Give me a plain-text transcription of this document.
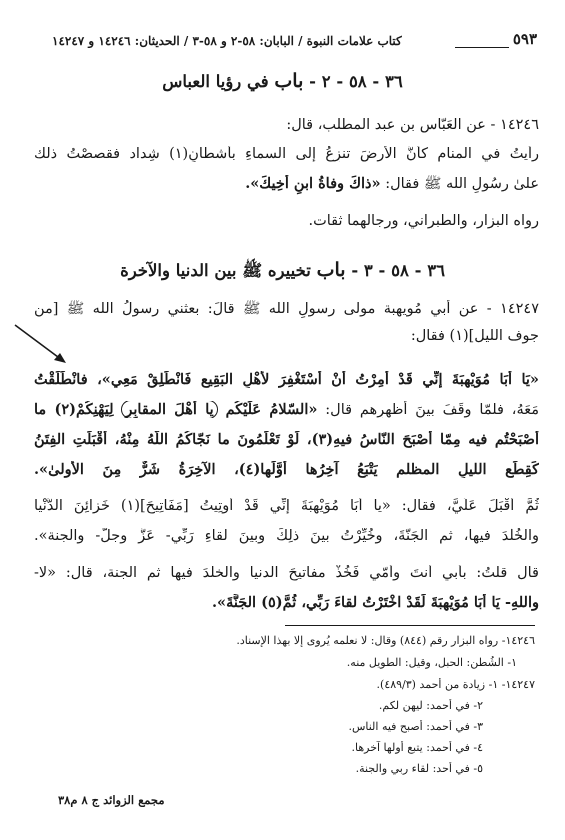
٥٩٣
كتاب علامات النبوة / البابان: ٥٨-٢ و ٥٨-٣ / الحديثان: ١٤٢٤٦ و ١٤٢٤٧
٣٦ - ٥٨ - ٢ - باب في رؤيا العباس
١٤٢٤٦ - عن العَبّاس بن عبد المطلب، قال:
رأيتُ في المنام كأنَّ الأرضَ تنزِعُ إلى السماءِ بأشطانٍ(١) شِداد فقصصْتُ ذلك
علىٰ رسُولِ الله ﷺ فقال: «ذاكَ وفاةُ ابنِ أخِيكَ».
رواه البزار، والطبراني، ورجالهما ثقات.
٣٦ - ٥٨ - ٣ - باب تخييره ﷺ بين الدنيا والآخرة
١٤٢٤٧ - عن أبي مُويهبة مولى رسولِ الله ﷺ قالَ: بعثني رسولُ الله ﷺ [من
جوف الليل](١) فقال:
«يَا أَبَا مُوَيْهِبَةَ إِنِّي قَدْ أُمِرْتُ أَنْ أَسْتَغْفِرَ لأَهْلِ البَقِيعِ فَانْطَلِقْ مَعِي»، فانْطَلَقْتُ
مَعَهُ، فلمّا وقَفَ بينَ أظهرِهم قال: «السّلامُ عَلَيْكُم يا أَهْلَ المقابِرِ لِيَهْنِكُمْ(٢) ما
أَصْبَحْتُم فيه مِمّا أَصْبَحَ النّاسُ فيهِ(٣)، لَوْ تَعْلَمُونَ ما نَجّاكُمُ اللّهُ مِنْهُ، أَقْبَلَتِ الفِتَنُ
كَقِطَعِ الليلِ المظلمِ يَتْبَعُ آخِرُها أَوَّلَها(٤)، الآخِرَةُ شَرٌّ مِنَ الأُولىٰ».
ثُمَّ أَقْبَلَ عَلَيَّ، فقال: «يا أَبَا مُوَيْهِبَةَ إِنِّي قَدْ أُوتِيتُ [مَفَاتِيحَ](١) خَزائِنَ الدُّنْيا
والخُلْدَ فيها، ثم الجَنَّةَ، وخُيِّرْتُ بينَ ذلِكَ وبينَ لقاءِ رَبِّي- عَزَّ وجلَّ- والجنة».
قال قلتُ: بأبي أنتَ وأُمّي فَخُذْ مفاتيحَ الدنيا والخلدَ فيها ثم الجنة، قال: «لا-
واللهِ- يَا أَبَا مُوَيْهِبَةَ لَقَدْ اخْتَرْتُ لقاءَ رَبِّي، ثُمَّ(٥) الجَنَّةَ».
١٤٢٤٦- رواه البزار رقم (٨٤٤) وقال: لا نعلمه يُروى إلا بهذا الإسناد.
١- الشُطن: الحبل، وقيل: الطويل منه.
١٤٢٤٧- ١- زيادة من أحمد (٤٨٩/٣).
٢- في أحمد: ليهن لكم.
٣- في أحمد: أصبح فيه الناس.
٤- في أحمد: يتبع أولها آخرها.
٥- في أحد: لقاء ربي والجنة.
مجمع الزوائد ج ٨ م٣٨
